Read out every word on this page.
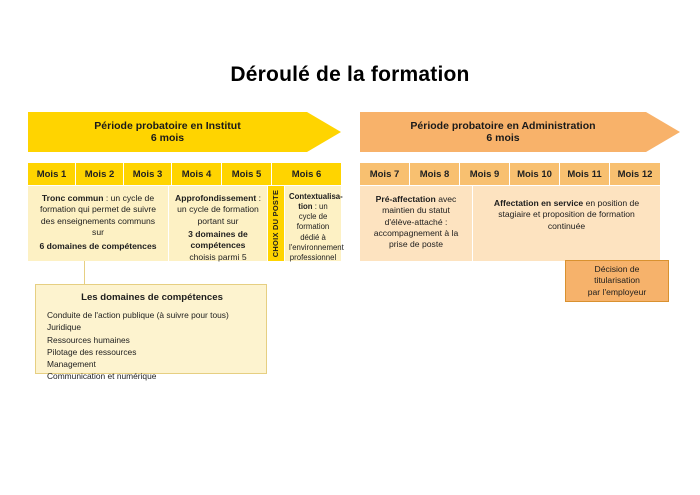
Déroulé de la formation
Période probatoire en Institut
6 mois
Période probatoire en Administration
6 mois
Mois 1	Mois 2	Mois 3	Mois 4	Mois 5	Mois 6	Mois 7	Mois 8	Mois 9	Mois 10	Mois 11	Mois 12
Tronc commun : un cycle de formation qui permet de suivre des enseignements communs sur
6 domaines de compétences
Approfondissement : un cycle de formation portant sur
3 domaines de compétences
choisis parmi 5	CHOIX DU POSTE	Contextualisa-tion : un cycle de formation dédié à l'environnement professionnel
Pré-affectation avec maintien du statut d'élève-attaché : accompagnement à la prise de poste
Affectation en service en position de stagiaire et proposition de formation continuée
Décision de
titularisation
par l'employeur
Les domaines de compétences
Conduite de l'action publique (à suivre pour tous)
Juridique
Ressources humaines
Pilotage des ressources
Management
Communication et numérique
